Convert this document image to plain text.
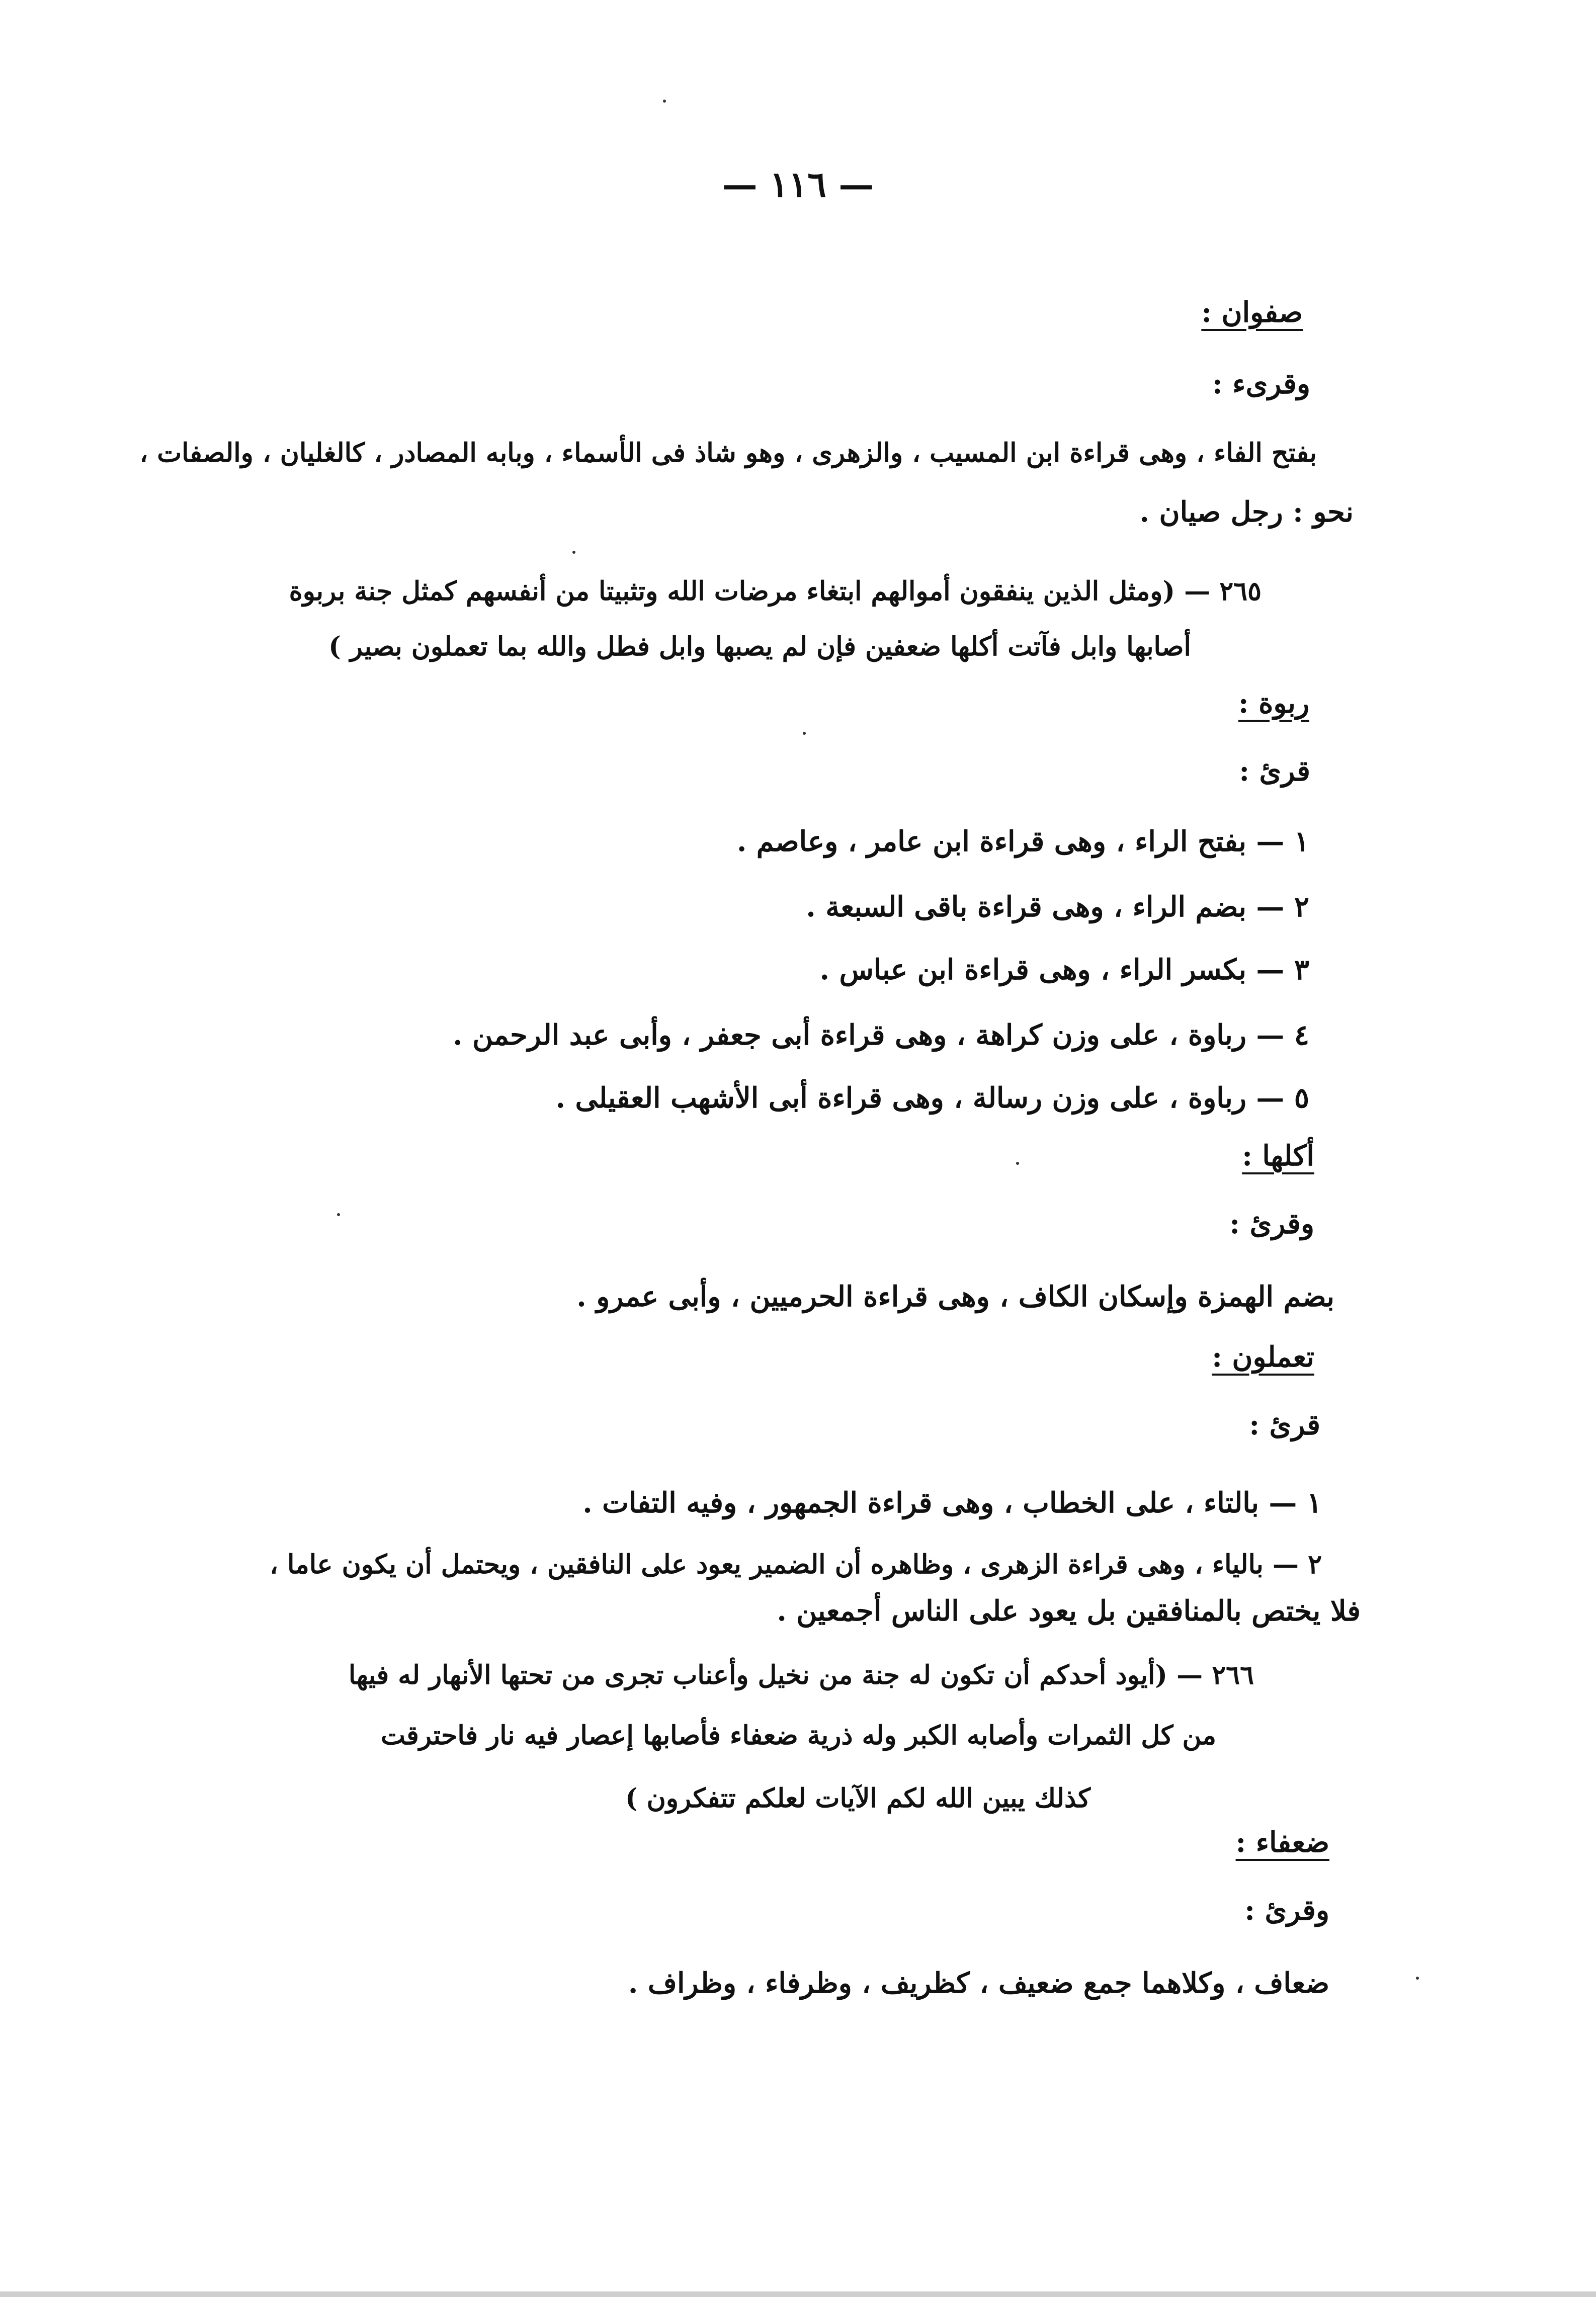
— ١١٦ —
صفوان :
وقرىء :
بفتح الفاء ، وهى قراءة ابن المسيب ، والزهرى ، وهو شاذ فى الأسماء ، وبابه المصادر ، كالغليان ، والصفات ،
نحو : رجل صيان .
٢٦٥ — (ومثل الذين ينفقون أموالهم ابتغاء مرضات الله وتثبيتا من أنفسهم كمثل جنة بربوة
أصابها وابل فآتت أكلها ضعفين فإن لم يصبها وابل فطل والله بما تعملون بصير )
ربوة :
قرئ :
١ — بفتح الراء ، وهى قراءة ابن عامر ، وعاصم .
٢ — بضم الراء ، وهى قراءة باقى السبعة .
٣ — بكسر الراء ، وهى قراءة ابن عباس .
٤ — رباوة ، على وزن كراهة ، وهى قراءة أبى جعفر ، وأبى عبد الرحمن .
٥ — رباوة ، على وزن رسالة ، وهى قراءة أبى الأشهب العقيلى .
أكلها :
وقرئ :
بضم الهمزة وإسكان الكاف ، وهى قراءة الحرميين ، وأبى عمرو .
تعملون :
قرئ :
١ — بالتاء ، على الخطاب ، وهى قراءة الجمهور ، وفيه التفات .
٢ — بالياء ، وهى قراءة الزهرى ، وظاهره أن الضمير يعود على النافقين ، ويحتمل أن يكون عاما ،
فلا يختص بالمنافقين بل يعود على الناس أجمعين .
٢٦٦ — (أيود أحدكم أن تكون له جنة من نخيل وأعناب تجرى من تحتها الأنهار له فيها
من كل الثمرات وأصابه الكبر وله ذرية ضعفاء فأصابها إعصار فيه نار فاحترقت
كذلك يبين الله لكم الآيات لعلكم تتفكرون )
ضعفاء :
وقرئ :
ضعاف ، وكلاهما جمع ضعيف ، كظريف ، وظرفاء ، وظراف .
